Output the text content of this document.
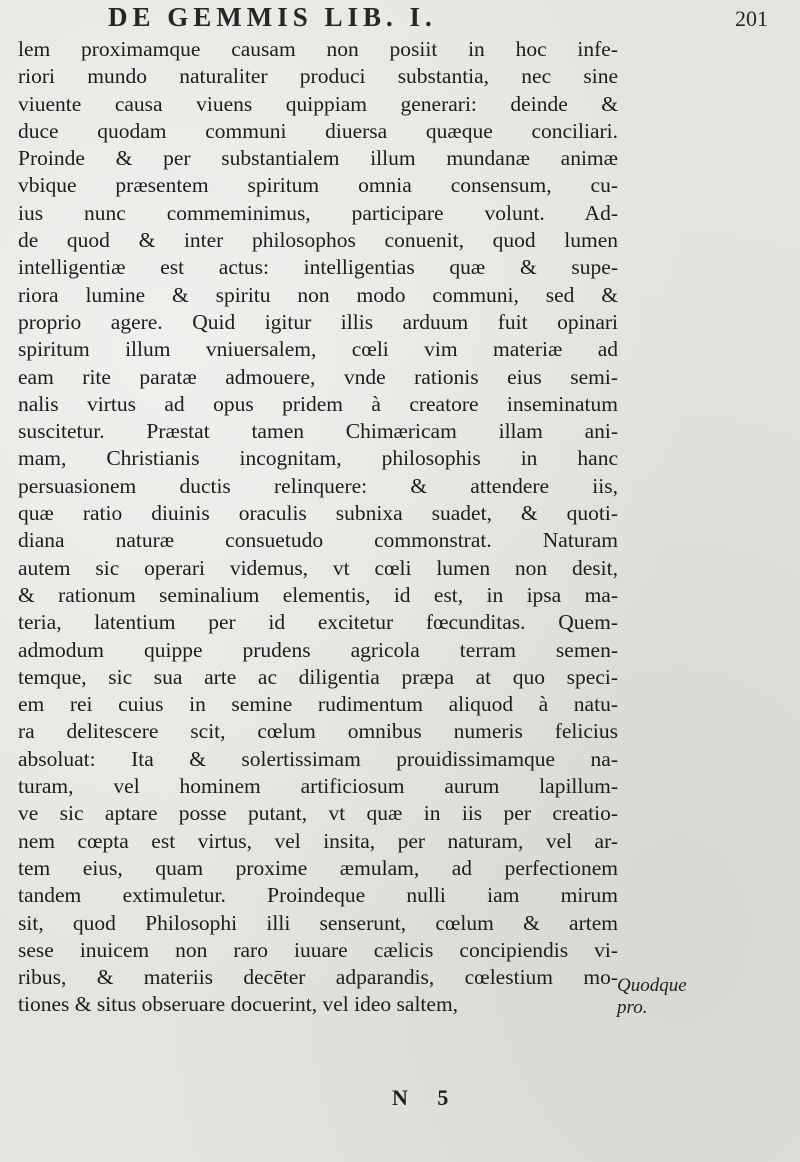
DE GEMMIS LIB. I.	201
lem proximamque causam non posiit in hoc infe-
riori mundo naturaliter produci substantia, nec sine
viuente causa viuens quippiam generari: deinde &
duce quodam communi diuersa quæque conciliari.
Proinde & per substantialem illum mundanæ animæ
vbique præsentem spiritum omnia consensum, cu-
ius nunc commeminimus, participare volunt. Ad-
de quod & inter philosophos conuenit, quod lumen
intelligentiæ est actus: intelligentias quæ & supe-
riora lumine & spiritu non modo communi, sed &
proprio agere. Quid igitur illis arduum fuit opinari
spiritum illum vniuersalem, cœli vim materiæ ad
eam rite paratæ admouere, vnde rationis eius semi-
nalis virtus ad opus pridem à creatore inseminatum
suscitetur. Præstat tamen Chimæricam illam ani-
mam, Christianis incognitam, philosophis in hanc
persuasionem ductis relinquere: & attendere iis,
quæ ratio diuinis oraculis subnixa suadet, & quoti-
diana naturæ consuetudo commonstrat. Naturam
autem sic operari videmus, vt cœli lumen non desit,
& rationum seminalium elementis, id est, in ipsa ma-
teria, latentium per id excitetur fœcunditas. Quem-
admodum quippe prudens agricola terram semen-
temque, sic sua arte ac diligentia præpa at quo speci-
em rei cuius in semine rudimentum aliquod à natu-
ra delitescere scit, cœlum omnibus numeris felicius
absoluat: Ita & solertissimam prouidissimamque na-
turam, vel hominem artificiosum aurum lapillum-
ve sic aptare posse putant, vt quæ in iis per creatio-
nem cœpta est virtus, vel insita, per naturam, vel ar-
tem eius, quam proxime æmulam, ad perfectionem
tandem extimuletur. Proindeque nulli iam mirum
sit, quod Philosophi illi senserunt, cœlum & artem
sese inuicem non raro iuuare cælicis concipiendis vi-
ribus, & materiis decēter adparandis, cœlestium mo-
tiones & situs obseruare docuerint, vel ideo saltem,
Quodque pro.
N 5
